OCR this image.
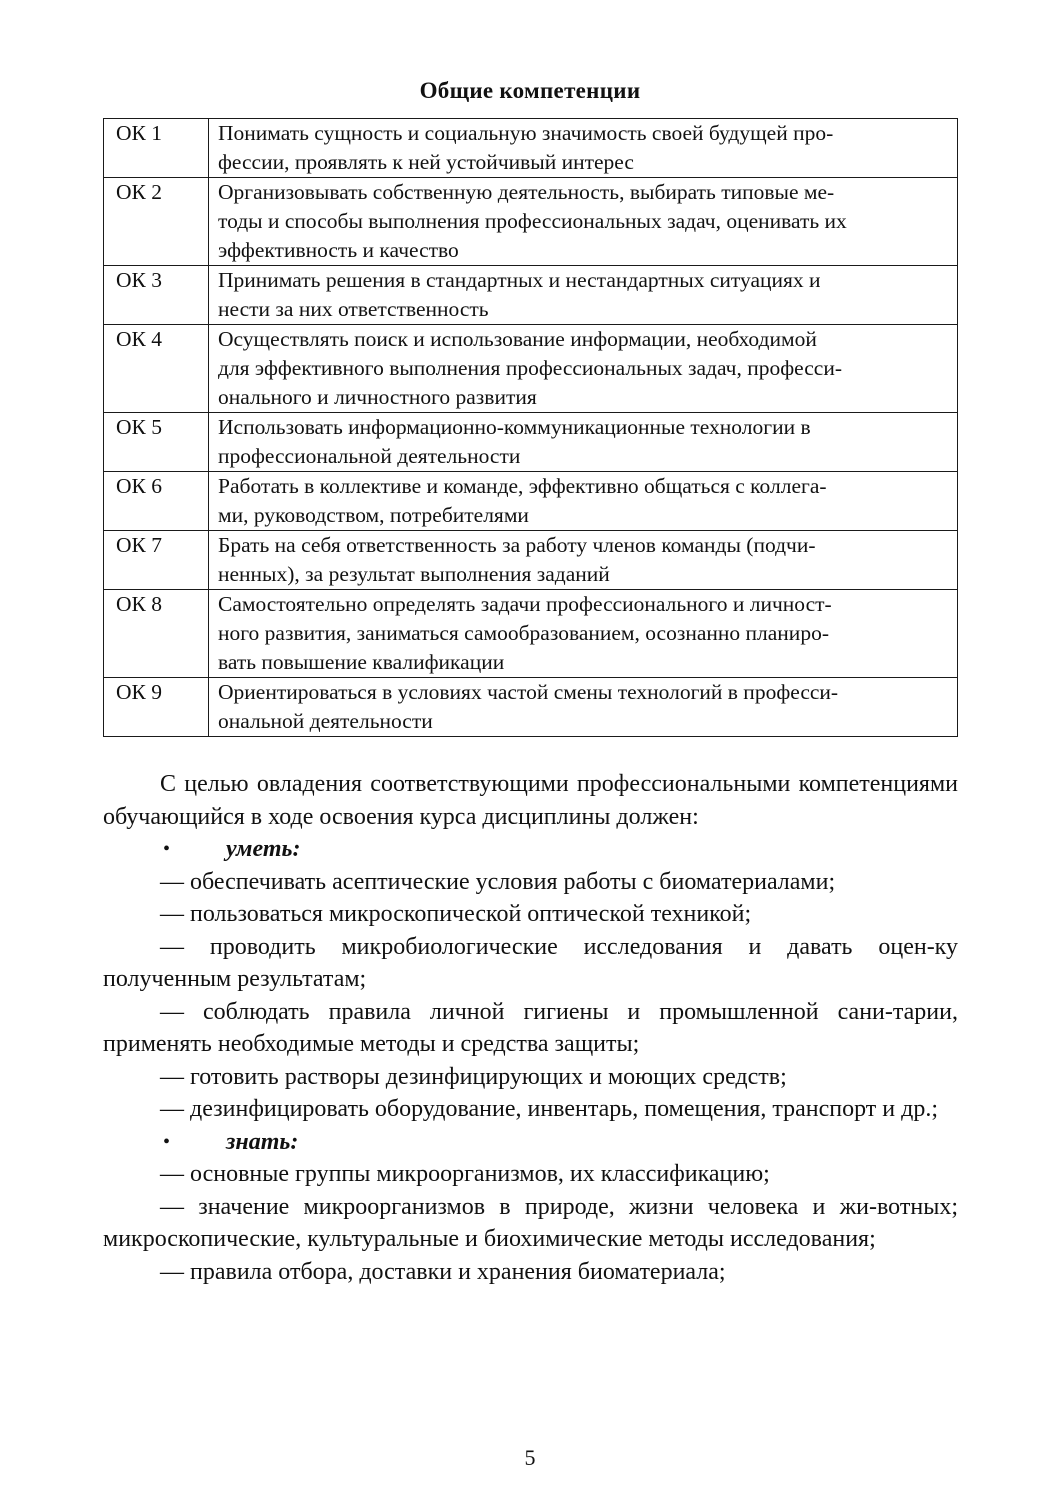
Общие компетенции
ОК 1	Понимать сущность и социальную значимость своей будущей про-
фессии, проявлять к ней устойчивый интерес
ОК 2	Организовывать собственную деятельность, выбирать типовые ме-
тоды и способы выполнения профессиональных задач, оценивать их
эффективность и качество
ОК 3	Принимать решения в стандартных и нестандартных ситуациях и
нести за них ответственность
ОК 4	Осуществлять поиск и использование информации, необходимой
для эффективного выполнения профессиональных задач, професси-
онального и личностного развития
ОК 5	Использовать информационно-коммуникационные технологии в
профессиональной деятельности
ОК 6	Работать в коллективе и команде, эффективно общаться с коллега-
ми, руководством, потребителями
ОК 7	Брать на себя ответственность за работу членов команды (подчи-
ненных), за результат выполнения заданий
ОК 8	Самостоятельно определять задачи профессионального и личност-
ного развития, заниматься самообразованием, осознанно планиро-
вать повышение квалификации
ОК 9	Ориентироваться в условиях частой смены технологий в професси-
ональной деятельности

С целью овладения соответствующими профессиональными компетенциями обучающийся в ходе освоения курса дисциплины должен:

• уметь:

— обеспечивать асептические условия работы с биоматериалами;

— пользоваться микроскопической оптической техникой;

— проводить микробиологические исследования и давать оцен-ку полученным результатам;

— соблюдать правила личной гигиены и промышленной сани-тарии, применять необходимые методы и средства защиты;

— готовить растворы дезинфицирующих и моющих средств;

— дезинфицировать оборудование, инвентарь, помещения, транспорт и др.;

• знать:

— основные группы микроорганизмов, их классификацию;

— значение микроорганизмов в природе, жизни человека и жи-вотных; микроскопические, культуральные и биохимические методы исследования;

— правила отбора, доставки и хранения биоматериала;

5
